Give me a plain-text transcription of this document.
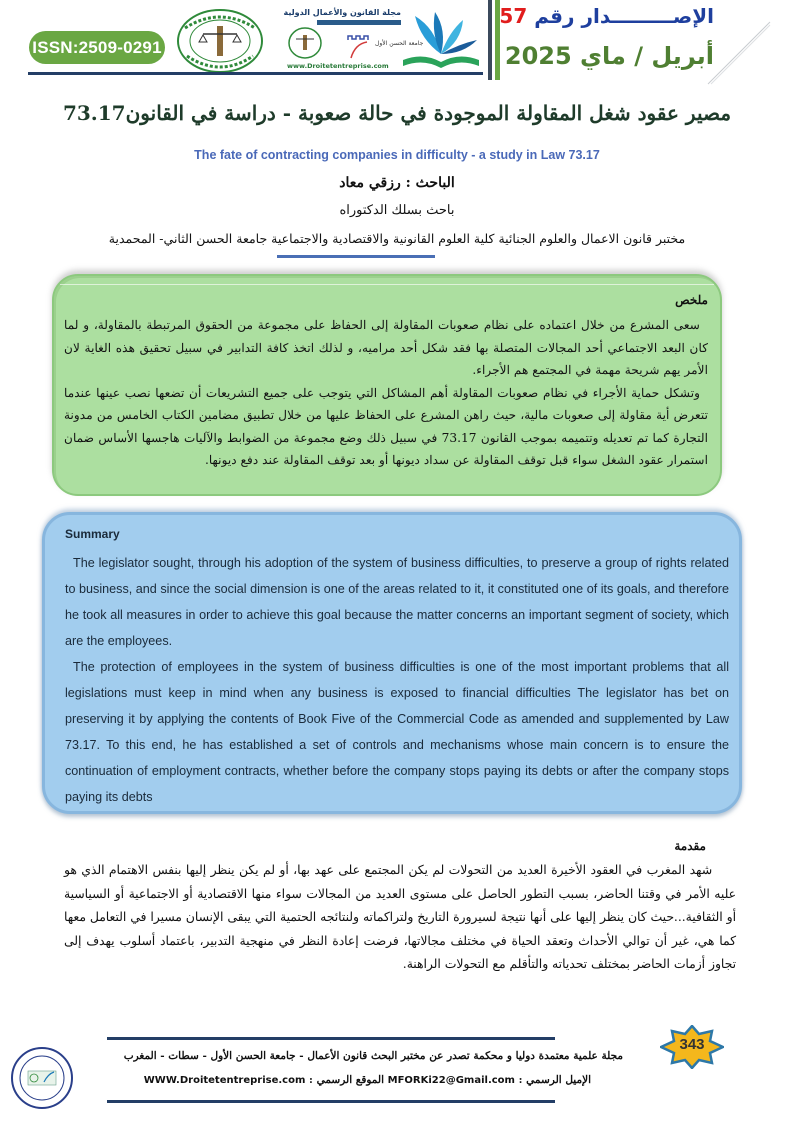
ISSN:2509-0291
مجلة القانون والأعمال الدولية
جامعة الحسن الأول
www.Droitetentreprise.com
الإصـــــــــدار رقم 57
أبريل / ماي 2025
مصير عقود شغل المقاولة الموجودة في حالة صعوبة - دراسة في القانون73.17
The fate of contracting companies in difficulty - a study in Law 73.17
الباحث : رزقي معاد
باحث بسلك الدكتوراه
مختبر قانون الاعمال والعلوم الجنائية كلية العلوم القانونية والاقتصادية والاجتماعية جامعة الحسن الثاني- المحمدية
ملخص

سعى المشرع من خلال اعتماده على نظام صعوبات المقاولة إلى الحفاظ على مجموعة من الحقوق المرتبطة بالمقاولة، و لما كان البعد الاجتماعي أحد المجالات المتصلة بها فقد شكل أحد مراميه، و لذلك اتخذ كافة التدابير في سبيل تحقيق هذه الغاية لان الأمر يهم شريحة مهمة في المجتمع هم الأجراء.

وتشكل حماية الأجراء في نظام صعوبات المقاولة أهم المشاكل التي يتوجب على جميع التشريعات أن تضعها نصب عينها عندما تتعرض أية مقاولة إلى صعوبات مالية، حيث راهن المشرع على الحفاظ عليها من خلال تطبيق مضامين الكتاب الخامس من مدونة التجارة كما تم تعديله وتتميمه بموجب القانون 73.17 في سبيل ذلك وضع مجموعة من الضوابط والآليات هاجسها الأساس ضمان استمرار عقود الشغل سواء قبل توقف المقاولة عن سداد ديونها أو بعد توقف المقاولة عند دفع ديونها.

Summary

The legislator sought, through his adoption of the system of business difficulties, to preserve a group of rights related to business, and since the social dimension is one of the areas related to it, it constituted one of its goals, and therefore he took all measures in order to achieve this goal because the matter concerns an important segment of society, which are the employees.

The protection of employees in the system of business difficulties is one of the most important problems that all legislations must keep in mind when any business is exposed to financial difficulties The legislator has bet on preserving it by applying the contents of Book Five of the Commercial Code as amended and supplemented by Law 73.17. To this end, he has established a set of controls and mechanisms whose main concern is to ensure the continuation of employment contracts, whether before the company stops paying its debts or after the company stops paying its debts

مقدمة

شهد المغرب في العقود الأخيرة العديد من التحولات لم يكن المجتمع على عهد بها، أو لم يكن ينظر إليها بنفس الاهتمام الذي هو عليه الأمر في وقتنا الحاضر، بسبب التطور الحاصل على مستوى العديد من المجالات سواء منها الاقتصادية أو الاجتماعية أو السياسية أو الثقافية...حيث كان ينظر إليها على أنها نتيجة لسيرورة التاريخ ولتراكماته ولنتائجه الحتمية التي يبقى الإنسان مسيرا في التعامل معها كما هي، غير أن توالي الأحداث وتعقد الحياة في مختلف مجالاتها، فرضت إعادة النظر في منهجية التدبير، باعتماد أسلوب يهدف إلى تجاوز أزمات الحاضر بمختلف تحدياته والتأقلم مع التحولات الراهنة.

مجلة علمية معتمدة دوليا و محكمة تصدر عن مختبر البحث قانون الأعمال - جامعة الحسن الأول - سطات - المغرب
الإميل الرسمي : MFORKi22@Gmail.com الموقع الرسمي : WWW.Droitetentreprise.com
343
